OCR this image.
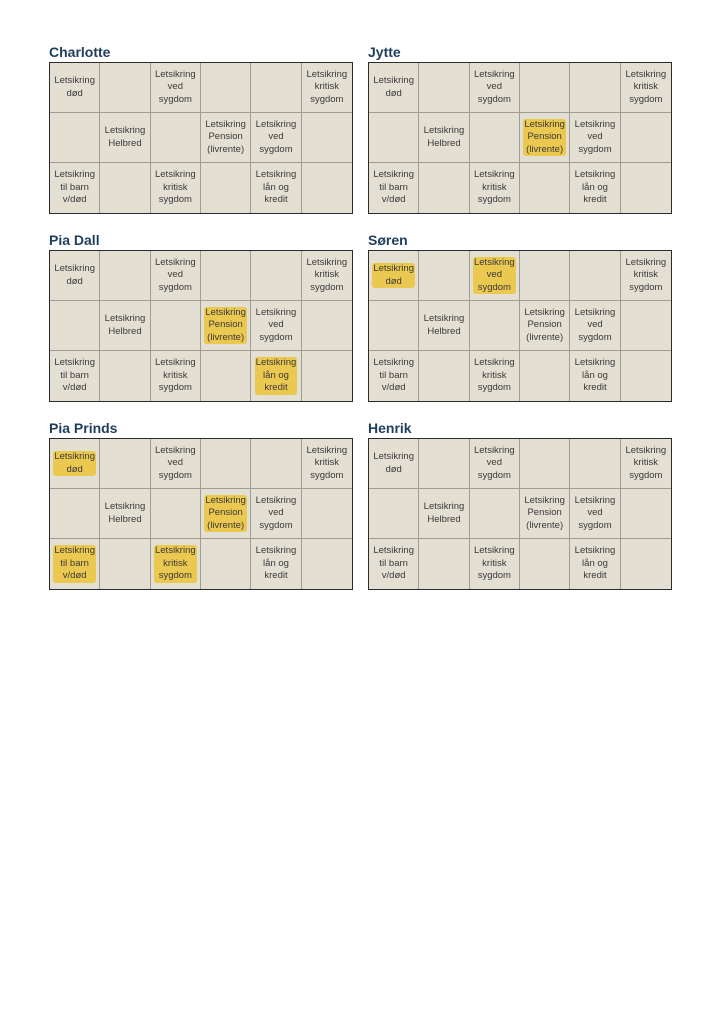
Charlotte
Letsikring
død
Letsikring
ved
sygdom
Letsikring
kritisk
sygdom
Letsikring
Helbred
Letsikring
Pension
(livrente)
Letsikring
ved
sygdom
Letsikring
til barn
v/død
Letsikring
kritisk
sygdom
Letsikring
lån og
kredit
Jytte
Letsikring
død
Letsikring
ved
sygdom
Letsikring
kritisk
sygdom
Letsikring
Helbred
Letsikring
Pension
(livrente)
Letsikring
ved
sygdom
Letsikring
til barn
v/død
Letsikring
kritisk
sygdom
Letsikring
lån og
kredit
Pia Dall
Letsikring
død
Letsikring
ved
sygdom
Letsikring
kritisk
sygdom
Letsikring
Helbred
Letsikring
Pension
(livrente)
Letsikring
ved
sygdom
Letsikring
til barn
v/død
Letsikring
kritisk
sygdom
Letsikring
lån og
kredit
Søren
Letsikring
død
Letsikring
ved
sygdom
Letsikring
kritisk
sygdom
Letsikring
Helbred
Letsikring
Pension
(livrente)
Letsikring
ved
sygdom
Letsikring
til barn
v/død
Letsikring
kritisk
sygdom
Letsikring
lån og
kredit
Pia Prinds
Letsikring
død
Letsikring
ved
sygdom
Letsikring
kritisk
sygdom
Letsikring
Helbred
Letsikring
Pension
(livrente)
Letsikring
ved
sygdom
Letsikring
til barn
v/død
Letsikring
kritisk
sygdom
Letsikring
lån og
kredit
Henrik
Letsikring
død
Letsikring
ved
sygdom
Letsikring
kritisk
sygdom
Letsikring
Helbred
Letsikring
Pension
(livrente)
Letsikring
ved
sygdom
Letsikring
til barn
v/død
Letsikring
kritisk
sygdom
Letsikring
lån og
kredit
